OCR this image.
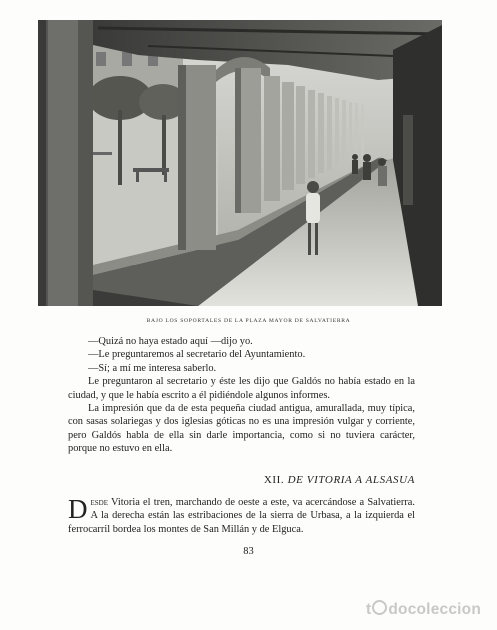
BAJO LOS SOPORTALES DE LA PLAZA MAYOR DE SALVATIERRA

—Quizá no haya estado aquí —dijo yo.

—Le preguntaremos al secretario del Ayuntamiento.

—Sí; a mí me interesa saberlo.

Le preguntaron al secretario y éste les dijo que Galdós no había estado en la ciudad, y que le había escrito a él pidiéndole algunos informes.

La impresión que da de esta pequeña ciudad antigua, amurallada, muy típica, con sasas solariegas y dos iglesias góticas no es una impresión vulgar y corriente, pero Galdós habla de ella sin darle importancia, como si no tuviera carácter, porque no estuvo en ella.

XII. DE VITORIA A ALSASUA
Desde Vitoria el tren, marchando de oeste a este, va acercándose a Salvatierra. A la derecha están las estribaciones de la sierra de Urbasa, a la izquierda el ferrocarril bordea los montes de San Millán y de Elguca.
83
t docoleccion
